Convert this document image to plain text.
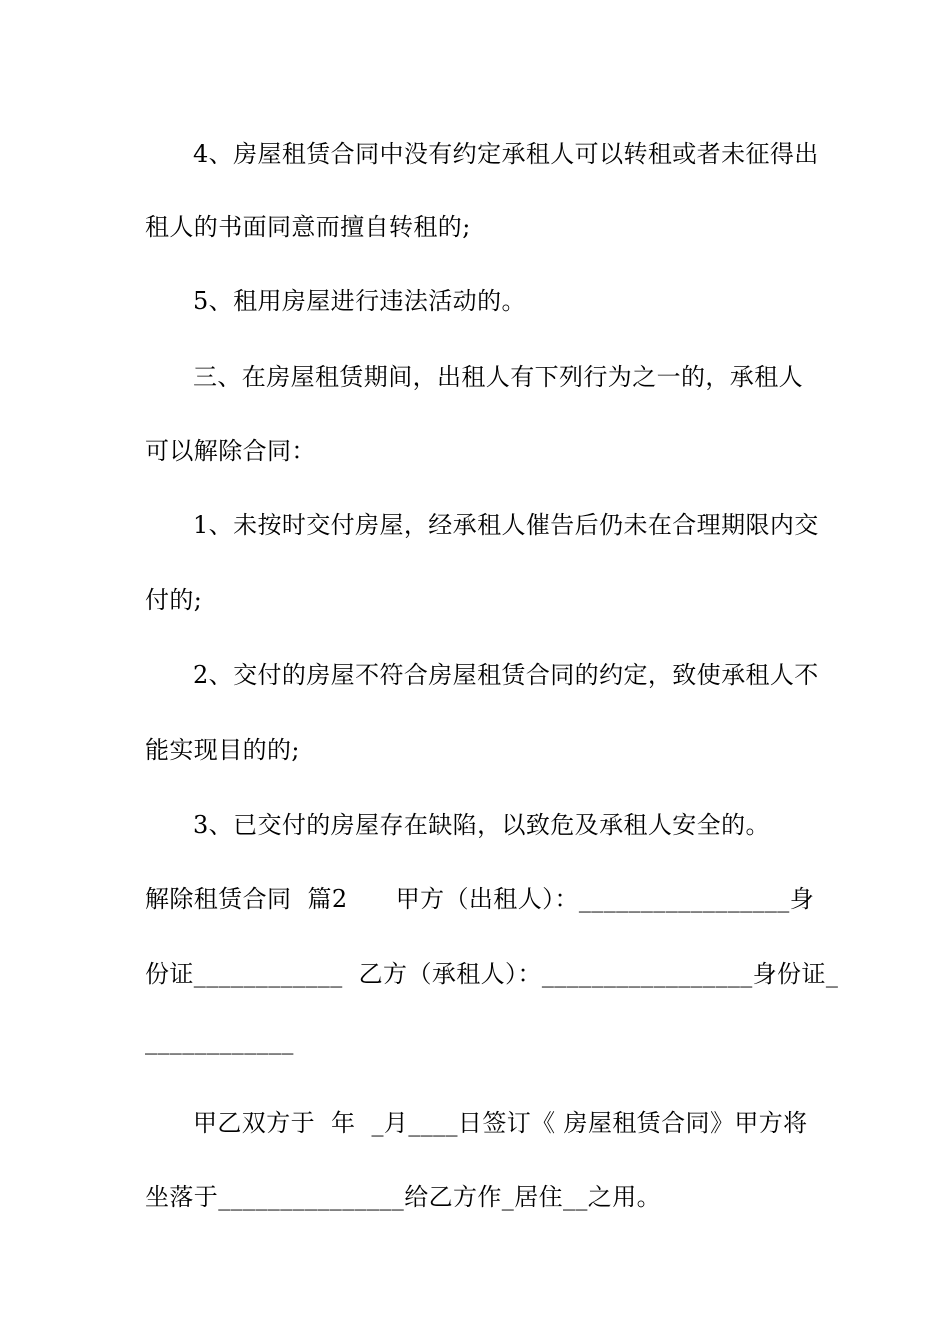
4、房屋租赁合同中没有约定承租人可以转租或者未征得出
租人的书面同意而擅自转租的;
5、租用房屋进行违法活动的。
三、在房屋租赁期间，出租人有下列行为之一的，承租人
可以解除合同：
1、未按时交付房屋，经承租人催告后仍未在合理期限内交
付的;
2、交付的房屋不符合房屋租赁合同的约定，致使承租人不
能实现目的的;
3、已交付的房屋存在缺陷，以致危及承租人安全的。
解除租赁合同  篇2      甲方（出租人）：_________________身
份证____________  乙方（承租人）：_________________身份证_
____________
甲乙双方于  年  _月____日签订《 房屋租赁合同》甲方将
坐落于_______________给乙方作_居住__之用。
